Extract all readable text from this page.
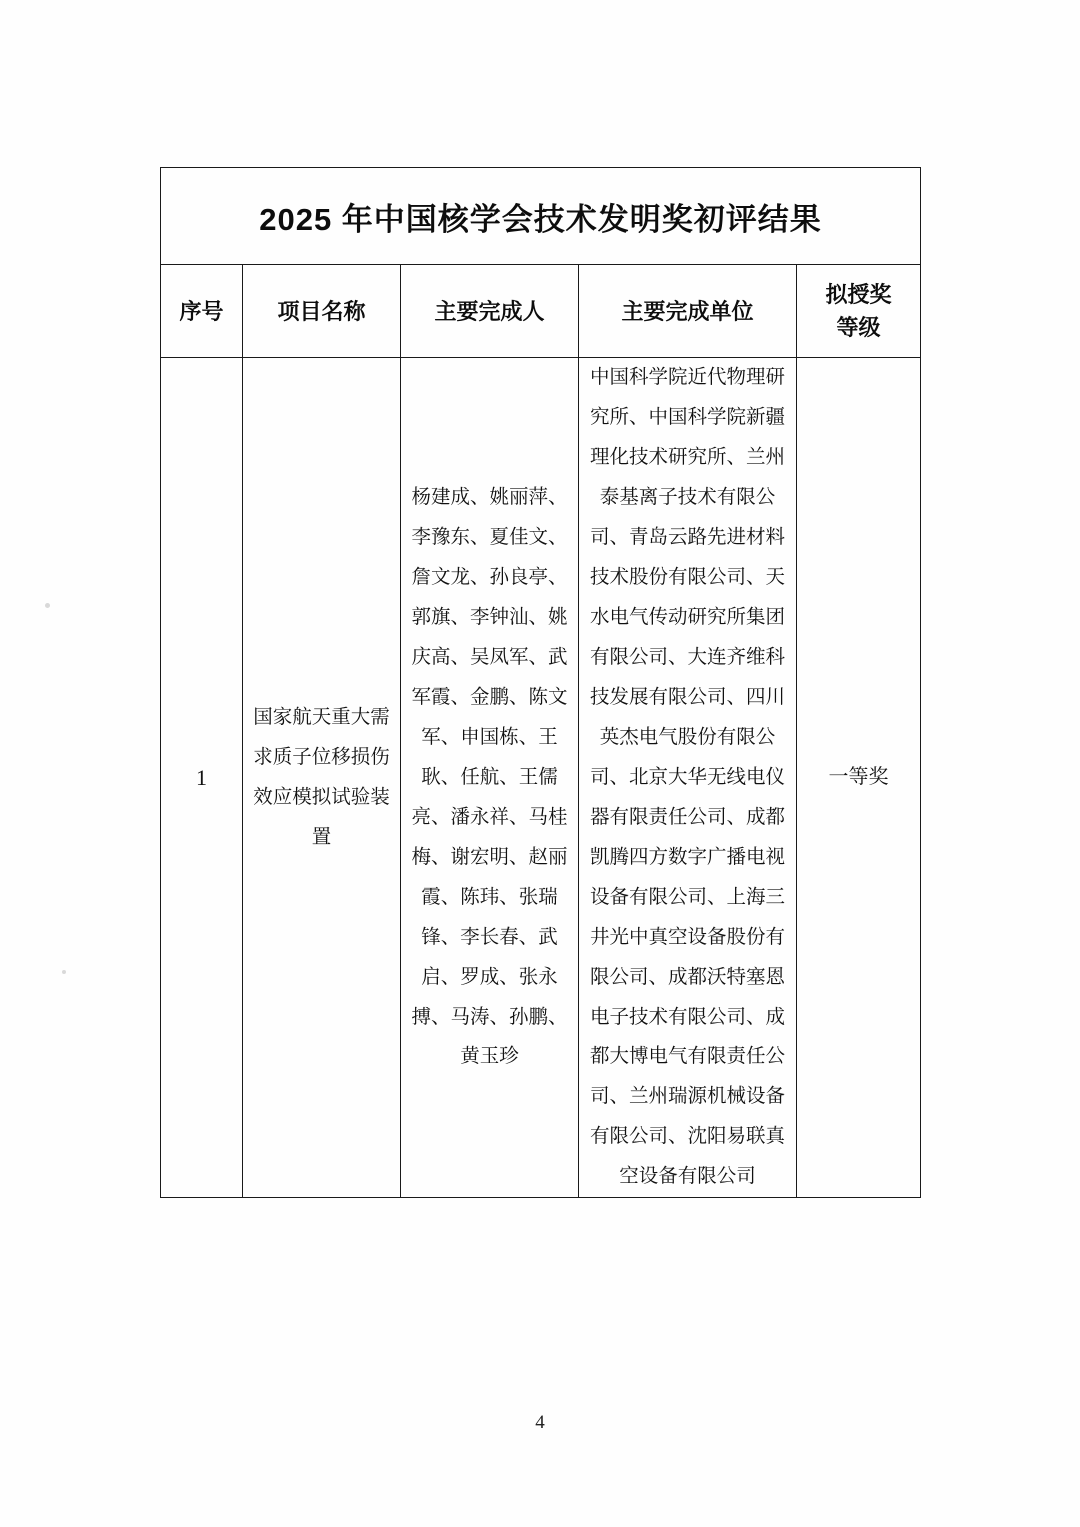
2025 年中国核学会技术发明奖初评结果				
序号	项目名称	主要完成人	主要完成单位	拟授奖
等级
1	国家航天重大需求质子位移损伤效应模拟试验装置	杨建成、姚丽萍、李豫东、夏佳文、詹文龙、孙良亭、郭旗、李钟汕、姚庆高、吴凤军、武军霞、金鹏、陈文军、申国栋、王耿、任航、王儒亮、潘永祥、马桂梅、谢宏明、赵丽霞、陈玮、张瑞锋、李长春、武启、罗成、张永搏、马涛、孙鹏、黄玉珍	中国科学院近代物理研究所、中国科学院新疆理化技术研究所、兰州泰基离子技术有限公司、青岛云路先进材料技术股份有限公司、天水电气传动研究所集团有限公司、大连齐维科技发展有限公司、四川英杰电气股份有限公司、北京大华无线电仪器有限责任公司、成都凯腾四方数字广播电视设备有限公司、上海三井光中真空设备股份有限公司、成都沃特塞恩电子技术有限公司、成都大博电气有限责任公司、兰州瑞源机械设备有限公司、沈阳易联真空设备有限公司	一等奖
4
